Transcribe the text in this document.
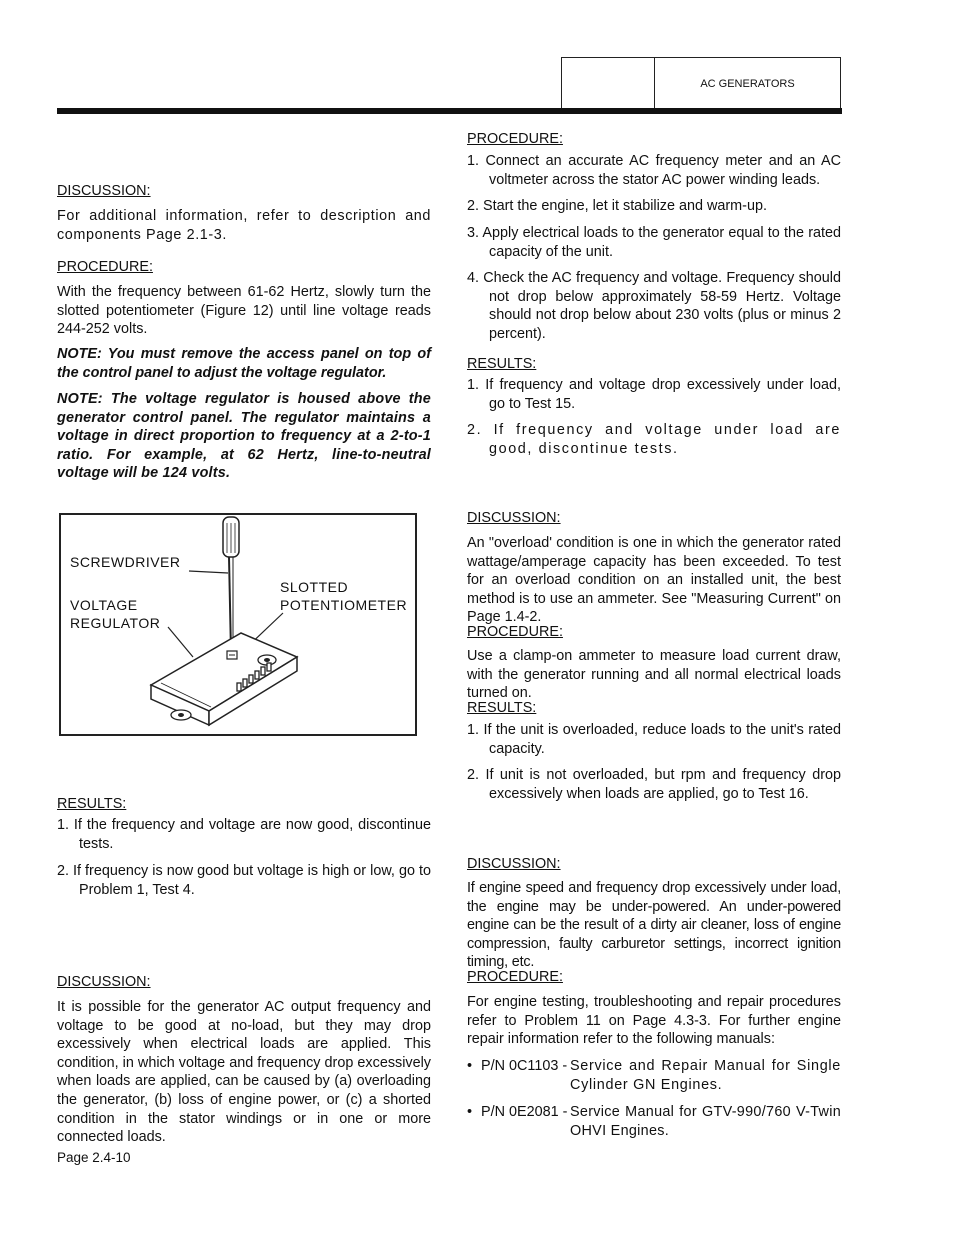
AC GENERATORS
DISCUSSION:
For additional information, refer to description and components Page 2.1-3.
PROCEDURE:
With the frequency between 61-62 Hertz, slowly turn the slotted potentiometer (Figure 12) until line voltage reads 244-252 volts.
NOTE: You must remove the access panel on top of the control panel to adjust the voltage regulator.
NOTE: The voltage regulator is housed above the generator control panel. The regulator maintains a voltage in direct proportion to frequency at a 2-to-1 ratio. For example, at 62 Hertz, line-to-neutral voltage will be 124 volts.
RESULTS:
1. If the frequency and voltage are now good, discontinue tests.
2. If frequency is now good but voltage is high or low, go to Problem 1, Test 4.
DISCUSSION:
It is possible for the generator AC output frequency and voltage to be good at no-load, but they may drop excessively when electrical loads are applied. This condition, in which voltage and frequency drop excessively when loads are applied, can be caused by (a) overloading the generator, (b) loss of engine power, or (c) a shorted condition in the stator windings or in one or more connected loads.
SCREWDRIVER
VOLTAGE
REGULATOR
SLOTTED
POTENTIOMETER
PROCEDURE:
1. Connect an accurate AC frequency meter and an AC voltmeter across the stator AC power winding leads.
2. Start the engine, let it stabilize and warm-up.
3. Apply electrical loads to the generator equal to the rated capacity of the unit.
4. Check the AC frequency and voltage. Frequency should not drop below approximately 58-59 Hertz. Voltage should not drop below about 230 volts (plus or minus 2 percent).
RESULTS:
1. If frequency and voltage drop excessively under load, go to Test 15.
2. If frequency and voltage under load are good, discontinue tests.
DISCUSSION:
An "overload' condition is one in which the generator rated wattage/amperage capacity has been exceeded. To test for an overload condition on an installed unit, the best method is to use an ammeter. See "Measuring Current" on Page 1.4-2.
PROCEDURE:
Use a clamp-on ammeter to measure load current draw, with the generator running and all normal electrical loads turned on.
RESULTS:
1. If the unit is overloaded, reduce loads to the unit's rated capacity.
2. If unit is not overloaded, but rpm and frequency drop excessively when loads are applied, go to Test 16.
DISCUSSION:
If engine speed and frequency drop excessively under load, the engine may be under-powered. An under-powered engine can be the result of a dirty air cleaner, loss of engine compression, faulty carburetor settings, incorrect ignition timing, etc.
PROCEDURE:
For engine testing, troubleshooting and repair procedures refer to Problem 11 on Page 4.3-3. For further engine repair information refer to the following manuals:
• P/N 0C1103 - Service and Repair Manual for Single Cylinder GN Engines.
• P/N 0E2081 - Service Manual for GTV-990/760 V-Twin OHVI Engines.
Page 2.4-10
